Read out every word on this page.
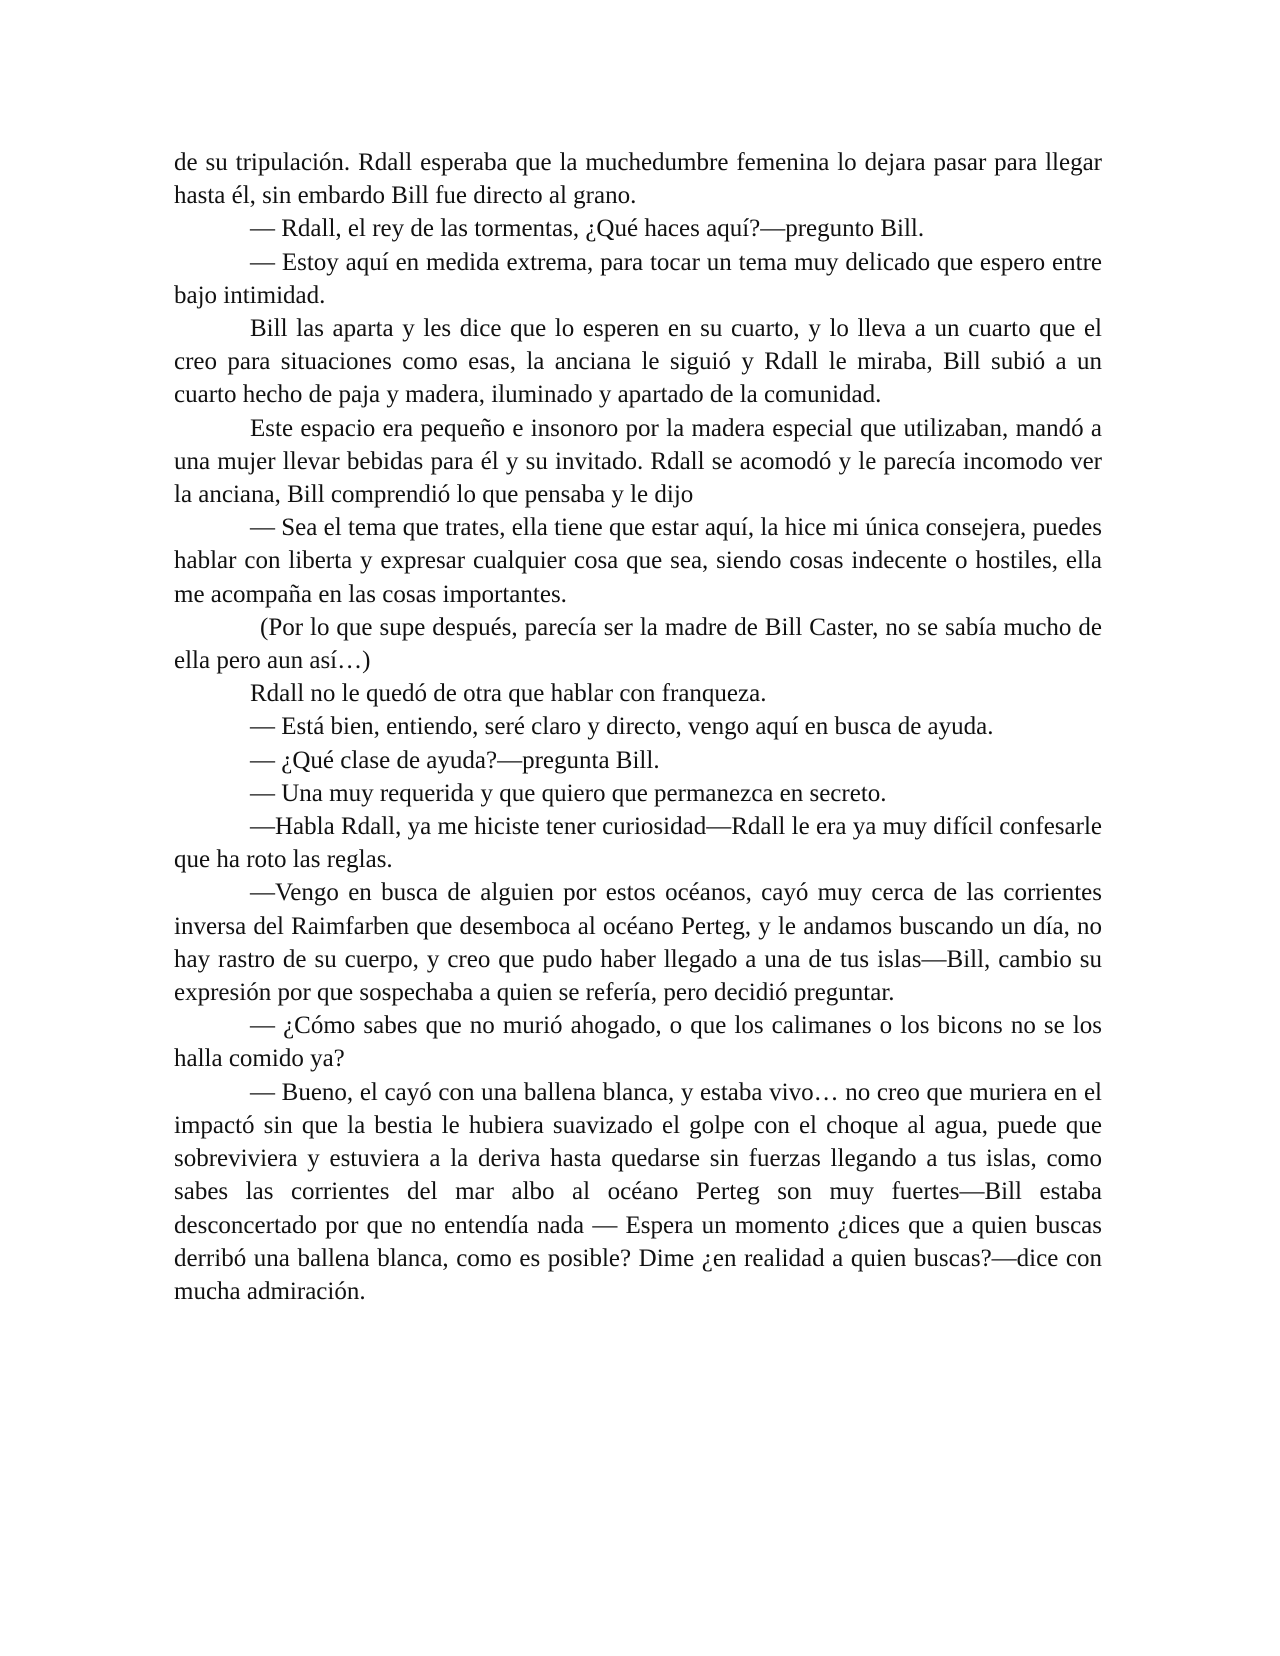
de su tripulación. Rdall esperaba que la muchedumbre femenina lo dejara pasar para llegar hasta él, sin embardo Bill fue directo al grano.

— Rdall, el rey de las tormentas, ¿Qué haces aquí?—pregunto Bill.

— Estoy aquí en medida extrema, para tocar un tema muy delicado que espero entre bajo intimidad.

Bill las aparta y les dice que lo esperen en su cuarto, y lo lleva a un cuarto que el creo para situaciones como esas, la anciana le siguió y Rdall le miraba, Bill subió a un cuarto hecho de paja y madera, iluminado y apartado de la comunidad.

Este espacio era pequeño e insonoro por la madera especial que utilizaban, mandó a una mujer llevar bebidas para él y su invitado. Rdall se acomodó y le parecía incomodo ver la anciana, Bill comprendió lo que pensaba y le dijo

— Sea el tema que trates, ella tiene que estar aquí, la hice mi única consejera, puedes hablar con liberta y expresar cualquier cosa que sea, siendo cosas indecente o hostiles, ella me acompaña en las cosas importantes.

(Por lo que supe después, parecía ser la madre de Bill Caster, no se sabía mucho de ella pero aun así…)

Rdall no le quedó de otra que hablar con franqueza.

— Está bien, entiendo, seré claro y directo, vengo aquí en busca de ayuda.

— ¿Qué clase de ayuda?—pregunta Bill.

— Una muy requerida y que quiero que permanezca en secreto.

—Habla Rdall, ya me hiciste tener curiosidad—Rdall le era ya muy difícil confesarle que ha roto las reglas.

—Vengo en busca de alguien por estos océanos, cayó muy cerca de las corrientes inversa del Raimfarben que desemboca al océano Perteg, y le andamos buscando un día, no hay rastro de su cuerpo, y creo que pudo haber llegado a una de tus islas—Bill, cambio su expresión por que sospechaba a quien se refería, pero decidió preguntar.

— ¿Cómo sabes que no murió ahogado, o que los calimanes o los bicons no se los halla comido ya?

— Bueno, el cayó con una ballena blanca, y estaba vivo… no creo que muriera en el impactó sin que la bestia le hubiera suavizado el golpe con el choque al agua, puede que sobreviviera y estuviera a la deriva hasta quedarse sin fuerzas llegando a tus islas, como sabes las corrientes del mar albo al océano Perteg son muy fuertes—Bill estaba desconcertado por que no entendía nada — Espera un momento ¿dices que a quien buscas derribó una ballena blanca, como es posible? Dime ¿en realidad a quien buscas?—dice con mucha admiración.
